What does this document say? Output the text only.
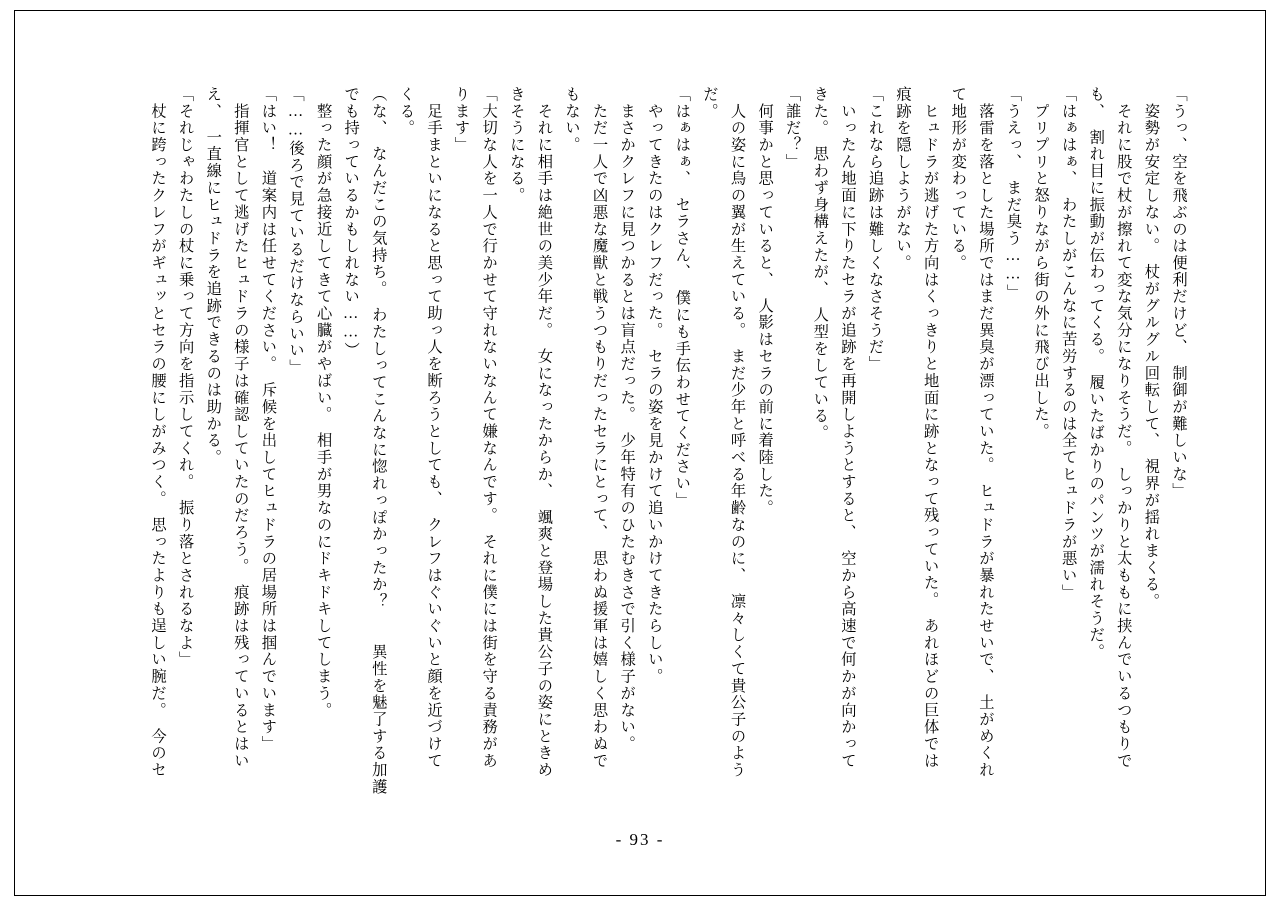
「うっ、空を飛ぶのは便利だけど、　制御が難しいな」
　姿勢が安定しない。　杖がグルグル回転して、　視界が揺れまくる。
　それに股で杖が擦れて変な気分になりそうだ。　しっかりと太ももに挟んでいるつもりで
も、　割れ目に振動が伝わってくる。　履いたばかりのパンツが濡れそうだ。
「はぁはぁ、　わたしがこんなに苦労するのは全てヒュドラが悪い」
　プリプリと怒りながら街の外に飛び出した。
「うえっ、　まだ臭う……」
　落雷を落とした場所ではまだ異臭が漂っていた。　ヒュドラが暴れたせいで、　土がめくれ
て地形が変わっている。
　ヒュドラが逃げた方向はくっきりと地面に跡となって残っていた。　あれほどの巨体では
痕跡を隠しようがない。
「これなら追跡は難しくなさそうだ」
　いったん地面に下りたセラが追跡を再開しようとすると、　空から高速で何かが向かって
きた。　思わず身構えたが、　人型をしている。
「誰だ？」
　何事かと思っていると、　人影はセラの前に着陸した。
　人の姿に鳥の翼が生えている。　まだ少年と呼べる年齢なのに、　凛々しくて貴公子のよう
だ。
「はぁはぁ、　セラさん、　僕にも手伝わせてください」
　やってきたのはクレフだった。　セラの姿を見かけて追いかけてきたらしい。
　まさかクレフに見つかるとは盲点だった。　少年特有のひたむきさで引く様子がない。
　ただ一人で凶悪な魔獣と戦うつもりだったセラにとって、　思わぬ援軍は嬉しく思わぬで
もない。
　それに相手は絶世の美少年だ。　女になったからか、　颯爽と登場した貴公子の姿にときめ
きそうになる。
「大切な人を一人で行かせて守れないなんて嫌なんです。　それに僕には街を守る責務があ
ります」
　足手まといになると思って助っ人を断ろうとしても、　クレフはぐいぐいと顔を近づけて
くる。
（な、　なんだこの気持ち。　わたしってこんなに惚れっぽかったか？　　異性を魅了する加護
でも持っているかもしれない……）
　整った顔が急接近してきて心臓がやばい。　相手が男なのにドキドキしてしまう。
「……後ろで見ているだけならいい」
「はい！　道案内は任せてください。　斥候を出してヒュドラの居場所は掴んでいます」
　指揮官として逃げたヒュドラの様子は確認していたのだろう。　痕跡は残っているとはい
え、　一直線にヒュドラを追跡できるのは助かる。
「それじゃわたしの杖に乗って方向を指示してくれ。　振り落とされるなよ」
　杖に跨ったクレフがギュッとセラの腰にしがみつく。　思ったよりも逞しい腕だ。　今のセ
- 93 -
